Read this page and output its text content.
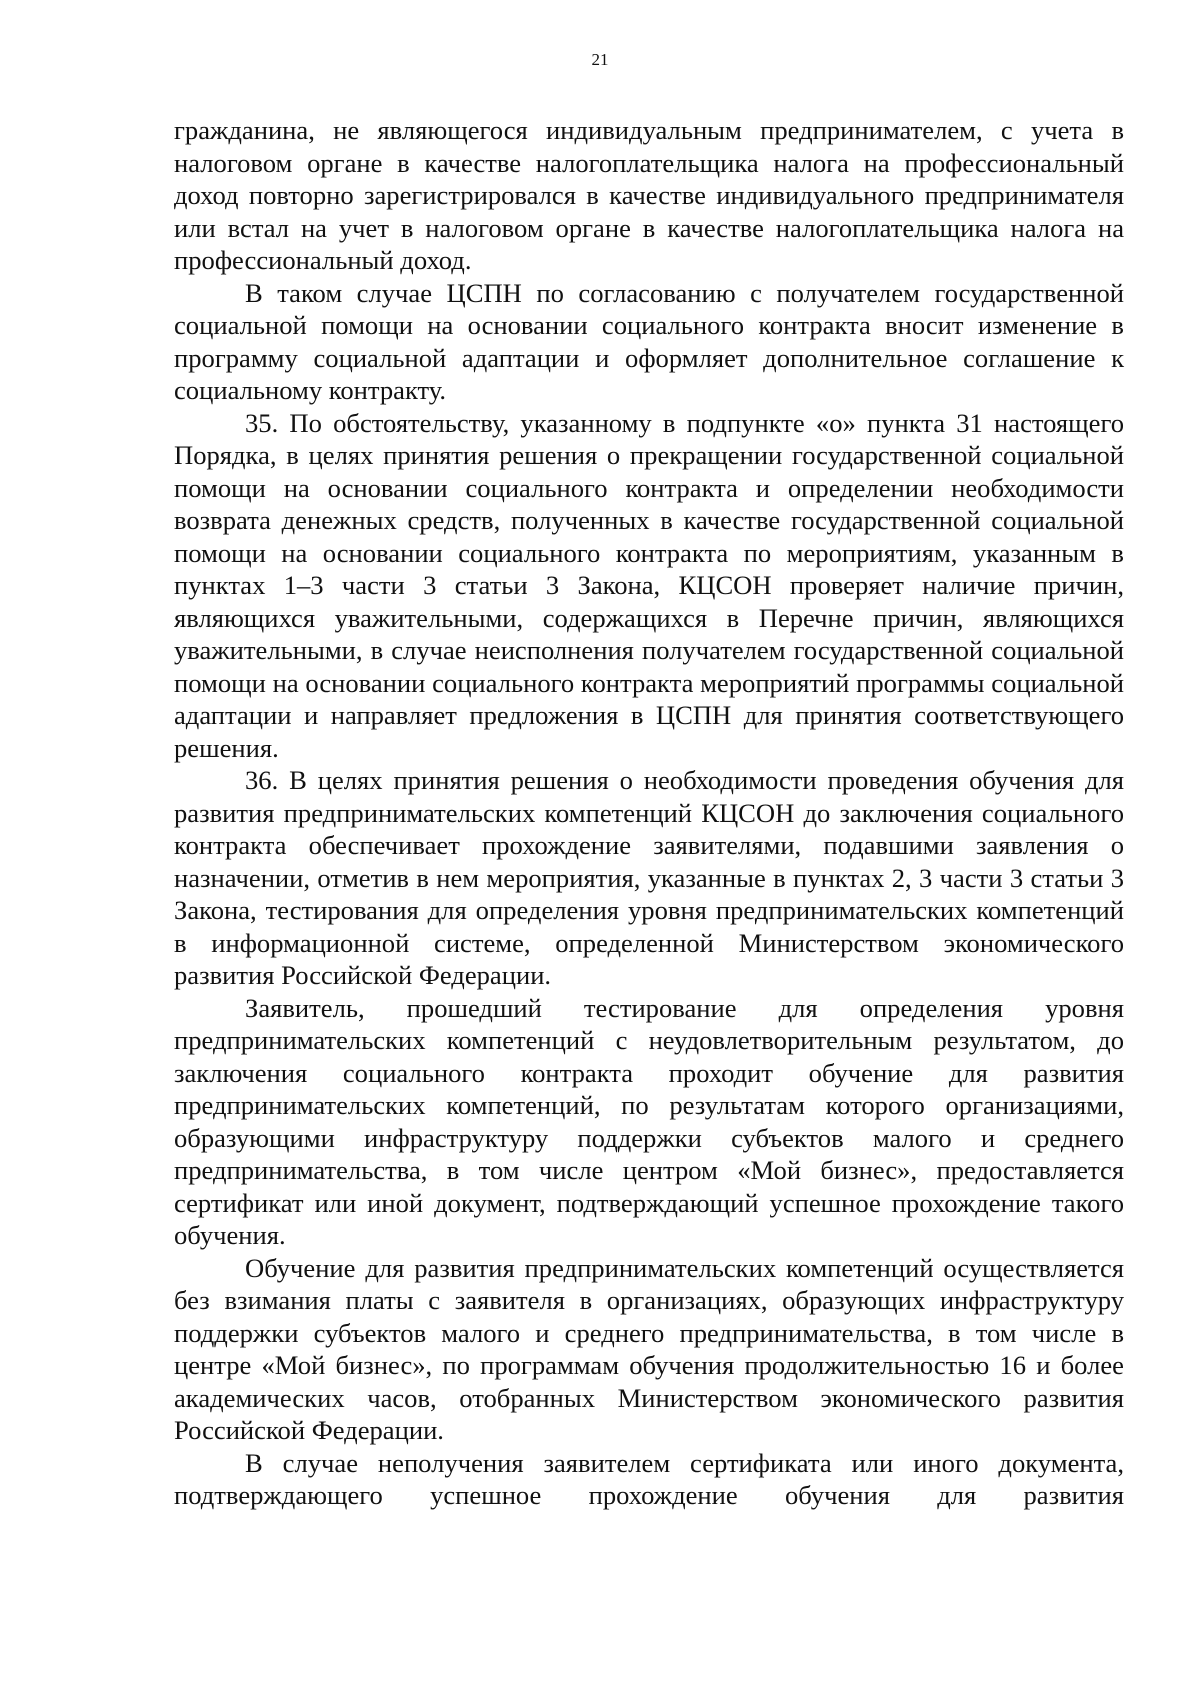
21

гражданина, не являющегося индивидуальным предпринимателем, с учета в налоговом органе в качестве налогоплательщика налога на профессиональный доход повторно зарегистрировался в качестве индивидуального предпринимателя или встал на учет в налоговом органе в качестве налогоплательщика налога на профессиональный доход.

В таком случае ЦСПН по согласованию с получателем государственной социальной помощи на основании социального контракта вносит изменение в программу социальной адаптации и оформляет дополнительное соглашение к социальному контракту.

35. По обстоятельству, указанному в подпункте «о» пункта 31 настоящего Порядка, в целях принятия решения о прекращении государственной социальной помощи на основании социального контракта и определении необходимости возврата денежных средств, полученных в качестве государственной социальной помощи на основании социального контракта по мероприятиям, указанным в пунктах 1–3 части 3 статьи 3 Закона, КЦСОН проверяет наличие причин, являющихся уважительными, содержащихся в Перечне причин, являющихся уважительными, в случае неисполнения получателем государственной социальной помощи на основании социального контракта мероприятий программы социальной адаптации и направляет предложения в ЦСПН для принятия соответствующего решения.

36. В целях принятия решения о необходимости проведения обучения для развития предпринимательских компетенций КЦСОН до заключения социального контракта обеспечивает прохождение заявителями, подавшими заявления о назначении, отметив в нем мероприятия, указанные в пунктах 2, 3 части 3 статьи 3 Закона, тестирования для определения уровня предпринимательских компетенций в информационной системе, определенной Министерством экономического развития Российской Федерации.

Заявитель, прошедший тестирование для определения уровня предпринимательских компетенций с неудовлетворительным результатом, до заключения социального контракта проходит обучение для развития предпринимательских компетенций, по результатам которого организациями, образующими инфраструктуру поддержки субъектов малого и среднего предпринимательства, в том числе центром «Мой бизнес», предоставляется сертификат или иной документ, подтверждающий успешное прохождение такого обучения.

Обучение для развития предпринимательских компетенций осуществляется без взимания платы с заявителя в организациях, образующих инфраструктуру поддержки субъектов малого и среднего предпринимательства, в том числе в центре «Мой бизнес», по программам обучения продолжительностью 16 и более академических часов, отобранных Министерством экономического развития Российской Федерации.

В случае неполучения заявителем сертификата или иного документа, подтверждающего успешное прохождение обучения для развития
